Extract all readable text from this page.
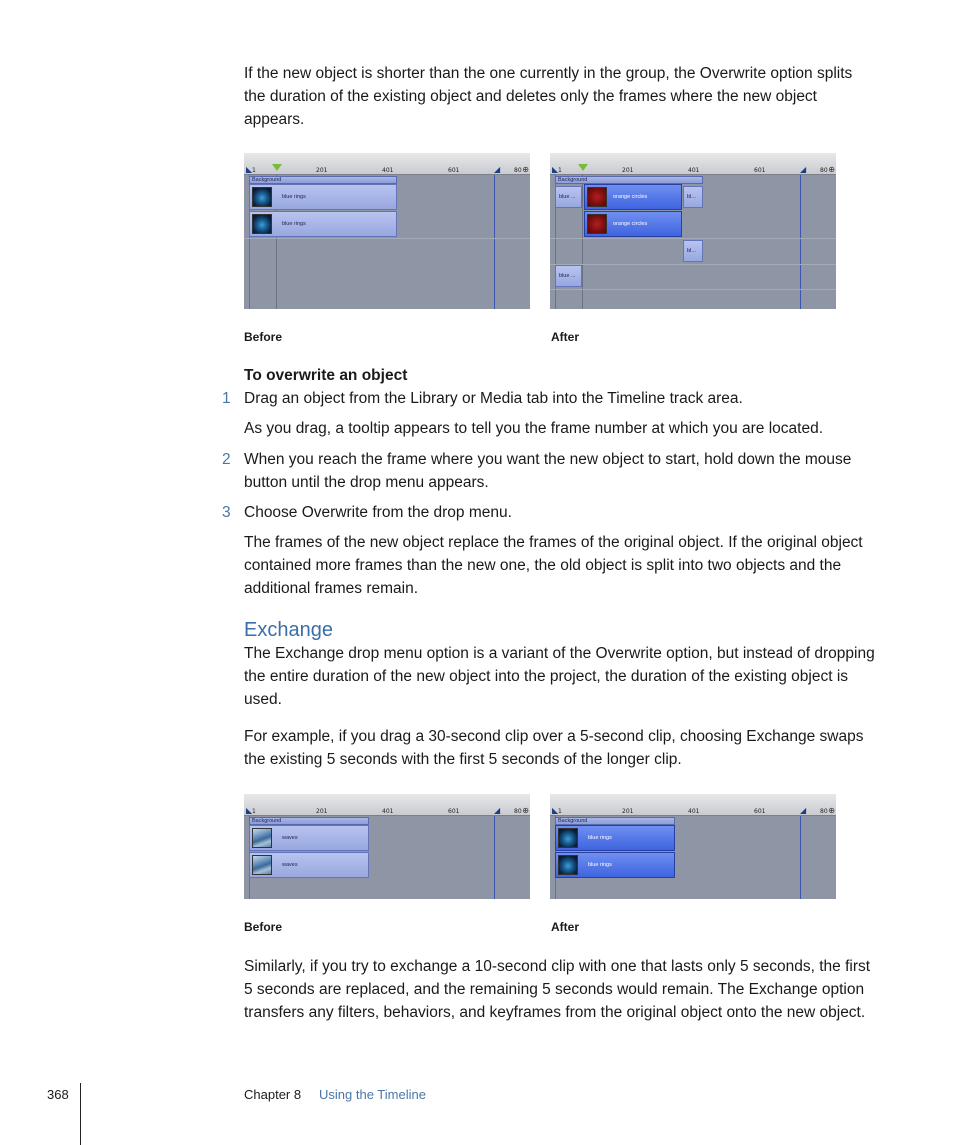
If the new object is shorter than the one currently in the group, the Overwrite option splits the duration of the existing object and deletes only the frames where the new object appears.

◣ 1	201	401	601	◢	80 ⊕
Background
blue rings
blue rings
Before
◣ 1	201	401	601	◢	80 ⊕
Background
blue ...	orange circles	bl...
orange circles
bl...
blue ...
After
To overwrite an object
1 Drag an object from the Library or Media tab into the Timeline track area.

As you drag, a tooltip appears to tell you the frame number at which you are located.

2 When you reach the frame where you want the new object to start, hold down the mouse button until the drop menu appears.

3 Choose Overwrite from the drop menu.

The frames of the new object replace the frames of the original object. If the original object contained more frames than the new one, the old object is split into two objects and the additional frames remain.

Exchange

The Exchange drop menu option is a variant of the Overwrite option, but instead of dropping the entire duration of the new object into the project, the duration of the existing object is used.

For example, if you drag a 30-second clip over a 5-second clip, choosing Exchange swaps the existing 5 seconds with the first 5 seconds of the longer clip.

◣ 1	201	401	601	◢	80 ⊕
Background
waves
waves
Before
◣ 1	201	401	601	◢	80 ⊕
Background
blue rings
blue rings
After

Similarly, if you try to exchange a 10-second clip with one that lasts only 5 seconds, the first 5 seconds are replaced, and the remaining 5 seconds would remain. The Exchange option transfers any filters, behaviors, and keyframes from the original object onto the new object.

368	Chapter 8 Using the Timeline
